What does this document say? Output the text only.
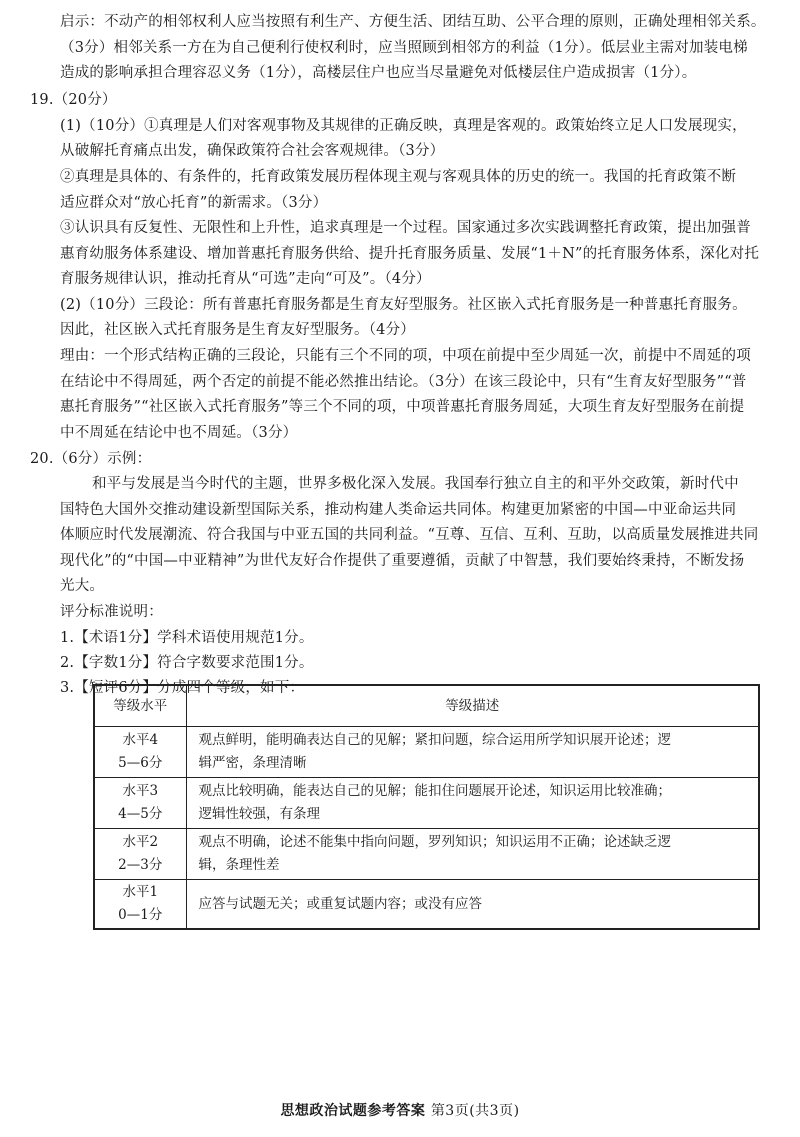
启示：不动产的相邻权利人应当按照有利生产、方便生活、团结互助、公平合理的原则，正确处理相邻关系。
（3分）相邻关系一方在为自己便利行使权利时，应当照顾到相邻方的利益（1分）。低层业主需对加装电梯
造成的影响承担合理容忍义务（1分），高楼层住户也应当尽量避免对低楼层住户造成损害（1分）。
19.（20分）
(1)（10分）①真理是人们对客观事物及其规律的正确反映，真理是客观的。政策始终立足人口发展现实，
从破解托育痛点出发，确保政策符合社会客观规律。（3分）
②真理是具体的、有条件的，托育政策发展历程体现主观与客观具体的历史的统一。我国的托育政策不断
适应群众对“放心托育”的新需求。（3分）
③认识具有反复性、无限性和上升性，追求真理是一个过程。国家通过多次实践调整托育政策，提出加强普
惠育幼服务体系建设、增加普惠托育服务供给、提升托育服务质量、发展“1＋N”的托育服务体系，深化对托
育服务规律认识，推动托育从“可选”走向“可及”。（4分）
(2)（10分）三段论：所有普惠托育服务都是生育友好型服务。社区嵌入式托育服务是一种普惠托育服务。
因此，社区嵌入式托育服务是生育友好型服务。（4分）
理由：一个形式结构正确的三段论，只能有三个不同的项，中项在前提中至少周延一次，前提中不周延的项
在结论中不得周延，两个否定的前提不能必然推出结论。（3分）在该三段论中，只有“生育友好型服务”“普
惠托育服务”“社区嵌入式托育服务”等三个不同的项，中项普惠托育服务周延，大项生育友好型服务在前提
中不周延在结论中也不周延。（3分）
20.（6分）示例：
和平与发展是当今时代的主题，世界多极化深入发展。我国奉行独立自主的和平外交政策，新时代中
国特色大国外交推动建设新型国际关系，推动构建人类命运共同体。构建更加紧密的中国—中亚命运共同
体顺应时代发展潮流、符合我国与中亚五国的共同利益。“互尊、互信、互利、互助，以高质量发展推进共同
现代化”的“中国—中亚精神”为世代友好合作提供了重要遵循，贡献了中智慧，我们要始终秉持，不断发扬
光大。
评分标准说明：
1.【术语1分】学科术语使用规范1分。
2.【字数1分】符合字数要求范围1分。
3.【短评6分】分成四个等级，如下：
等级水平	等级描述

水平4
5—6分	观点鲜明，能明确表达自己的见解；紧扣问题，综合运用所学知识展开论述；逻
辑严密，条理清晰

水平3
4—5分	观点比较明确，能表达自己的见解；能扣住问题展开论述，知识运用比较准确；
逻辑性较强，有条理

水平2
2—3分	观点不明确，论述不能集中指向问题，罗列知识；知识运用不正确；论述缺乏逻
辑，条理性差

水平1
0—1分	应答与试题无关；或重复试题内容；或没有应答
思想政治试题参考答案 第3页(共3页)
